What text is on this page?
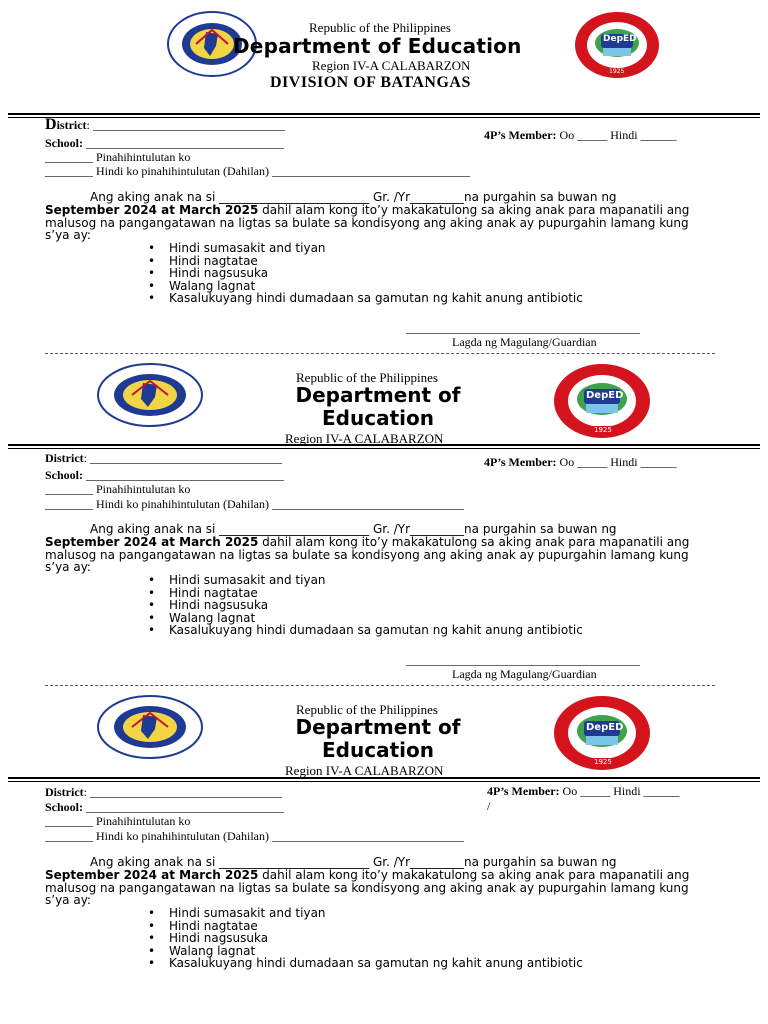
DepED
1925
Republic of the Philippines
Department of Education
Region IV-A CALABARZON
DIVISION OF BATANGAS
District: ________________________________
School: _________________________________
4P’s Member: Oo _____ Hindi ______
________ Pinahihintulutan ko
________ Hindi ko pinahihintulutan (Dahilan) _________________________________
Ang aking anak na si _________________________ Gr. /Yr_________na purgahin sa buwan ng
September 2024 at March 2025 dahil alam kong ito’y makakatulong sa aking anak para mapanatili ang
malusog na pangangatawan na ligtas sa bulate sa kondisyong ang aking anak ay pupurgahin lamang kung
s’ya ay:
• Hindi sumasakit and tiyan
• Hindi nagtatae
• Hindi nagsusuka
• Walang lagnat
• Kasalukuyang hindi dumadaan sa gamutan ng kahit anung antibiotic
_______________________________________
Lagda ng Magulang/Guardian
DepED
1925
Republic of the Philippines
Department of
Education
Region IV-A CALABARZON
District: ________________________________
School: _________________________________
4P’s Member: Oo _____ Hindi ______
________ Pinahihintulutan ko
________ Hindi ko pinahihintulutan (Dahilan) ________________________________
Ang aking anak na si _________________________ Gr. /Yr_________na purgahin sa buwan ng
September 2024 at March 2025 dahil alam kong ito’y makakatulong sa aking anak para mapanatili ang
malusog na pangangatawan na ligtas sa bulate sa kondisyong ang aking anak ay pupurgahin lamang kung
s’ya ay:
• Hindi sumasakit and tiyan
• Hindi nagtatae
• Hindi nagsusuka
• Walang lagnat
• Kasalukuyang hindi dumadaan sa gamutan ng kahit anung antibiotic
_______________________________________
Lagda ng Magulang/Guardian
DepED
1925
Republic of the Philippines
Department of
Education
Region IV-A CALABARZON
District: ________________________________
School: _________________________________
4P’s Member: Oo _____ Hindi ______
/
________ Pinahihintulutan ko
________ Hindi ko pinahihintulutan (Dahilan) ________________________________
Ang aking anak na si _________________________ Gr. /Yr_________na purgahin sa buwan ng
September 2024 at March 2025 dahil alam kong ito’y makakatulong sa aking anak para mapanatili ang
malusog na pangangatawan na ligtas sa bulate sa kondisyong ang aking anak ay pupurgahin lamang kung
s’ya ay:
• Hindi sumasakit and tiyan
• Hindi nagtatae
• Hindi nagsusuka
• Walang lagnat
• Kasalukuyang hindi dumadaan sa gamutan ng kahit anung antibiotic
